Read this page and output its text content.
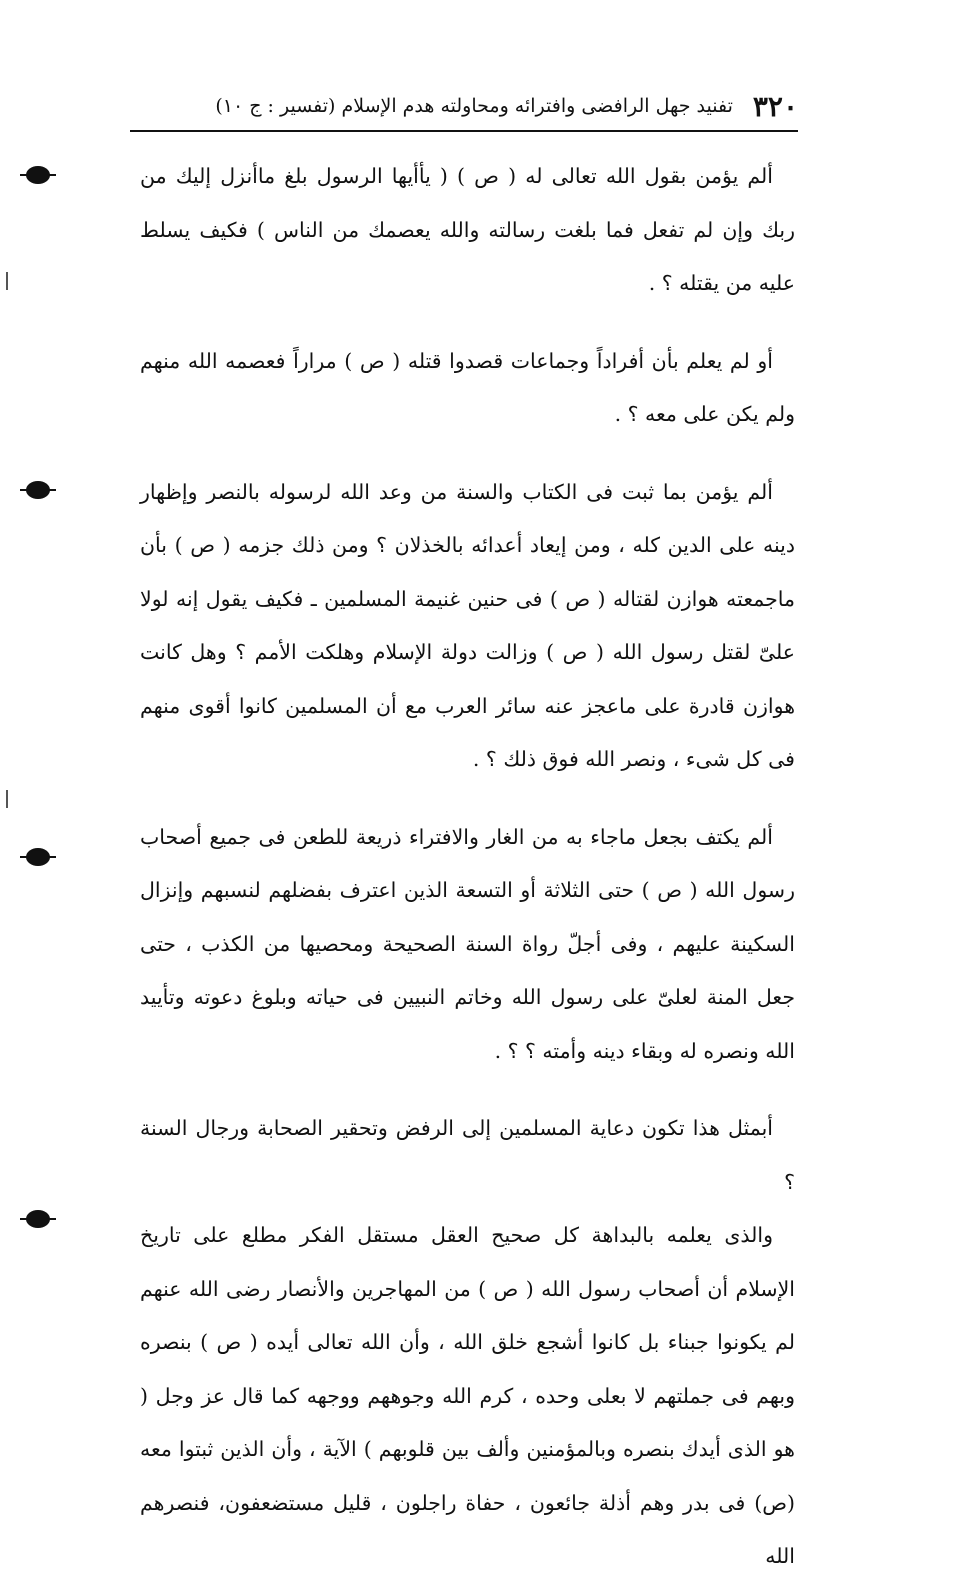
٣٢٠
تفنيد جهل الرافضى وافترائه ومحاولته هدم الإسلام (تفسير : ج ١٠)

ألم يؤمن بقول الله تعالى له ( ص ) ( يأأيها الرسول بلغ ماأنزل إليك من ربك وإن لم تفعل فما بلغت رسالته والله يعصمك من الناس ) فكيف يسلط عليه من يقتله ؟ .

أو لم يعلم بأن أفراداً وجماعات قصدوا قتله ( ص ) مراراً فعصمه الله منهم ولم يكن على معه ؟ .

ألم يؤمن بما ثبت فى الكتاب والسنة من وعد الله لرسوله بالنصر وإظهار دينه على الدين كله ، ومن إيعاد أعدائه بالخذلان ؟ ومن ذلك جزمه ( ص ) بأن ماجمعته هوازن لقتاله ( ص ) فى حنين غنيمة المسلمين ـ فكيف يقول إنه لولا علىّ لقتل رسول الله ( ص ) وزالت دولة الإسلام وهلكت الأمم ؟ وهل كانت هوازن قادرة على ماعجز عنه سائر العرب مع أن المسلمين كانوا أقوى منهم فى كل شىء ، ونصر الله فوق ذلك ؟ .

ألم يكتف بجعل ماجاء به من الغار والافتراء ذريعة للطعن فى جميع أصحاب رسول الله ( ص ) حتى الثلاثة أو التسعة الذين اعترف بفضلهم لنسبهم وإنزال السكينة عليهم ، وفى أجلّ رواة السنة الصحيحة ومحصيها من الكذب ، حتى جعل المنة لعلىّ على رسول الله وخاتم النبيين فى حياته وبلوغ دعوته وتأييد الله ونصره له وبقاء دينه وأمته ؟ ؟ .

أبمثل هذا تكون دعاية المسلمين إلى الرفض وتحقير الصحابة ورجال السنة ؟

والذى يعلمه بالبداهة كل صحيح العقل مستقل الفكر مطلع على تاريخ الإسلام أن أصحاب رسول الله ( ص ) من المهاجرين والأنصار رضى الله عنهم لم يكونوا جبناء بل كانوا أشجع خلق الله ، وأن الله تعالى أيده ( ص ) بنصره وبهم فى جملتهم لا بعلى وحده ، كرم الله وجوههم ووجهه كما قال عز وجل ( هو الذى أيدك بنصره وبالمؤمنين وألف بين قلوبهم ) الآية ، وأن الذين ثبتوا معه (ص) فى بدر وهم أذلة جائعون ، حفاة راجلون ، قليل مستضعفون، فنصرهم الله
